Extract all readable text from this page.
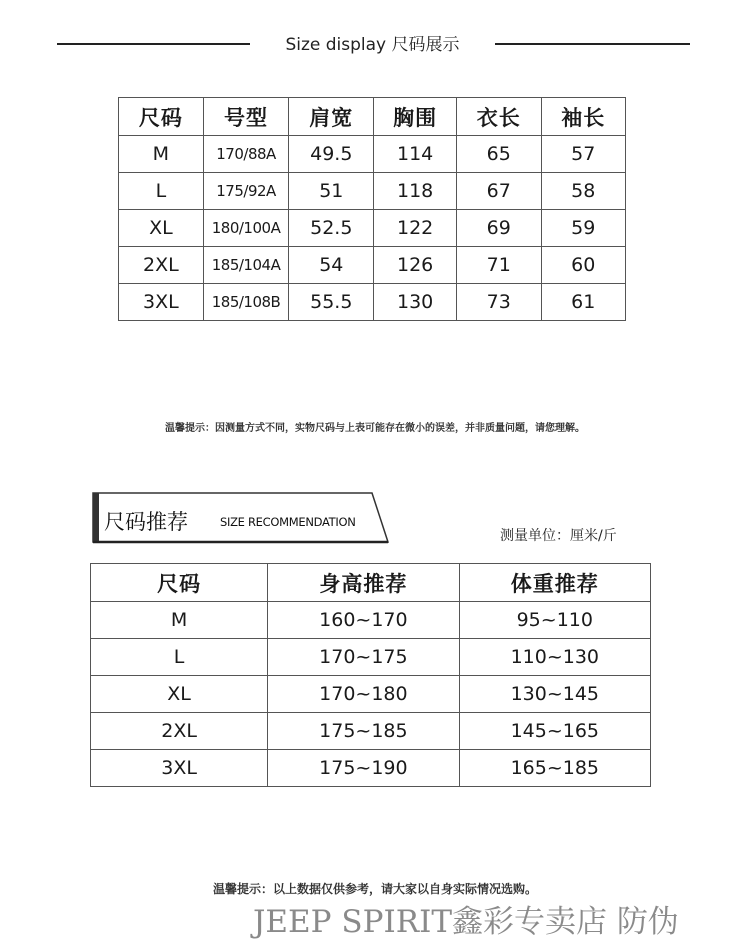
Size display 尺码展示
尺码	号型	肩宽	胸围	衣长	袖长
M	170/88A	49.5	114	65	57
L	175/92A	51	118	67	58
XL	180/100A	52.5	122	69	59
2XL	185/104A	54	126	71	60
3XL	185/108B	55.5	130	73	61
温馨提示：因测量方式不同，实物尺码与上表可能存在微小的误差，并非质量问题，请您理解。
尺码推荐	SIZE RECOMMENDATION
测量单位：厘米/斤
尺码	身高推荐	体重推荐
M	160~170	95~110
L	170~175	110~130
XL	170~180	130~145
2XL	175~185	145~165
3XL	175~190	165~185
温馨提示：以上数据仅供参考，请大家以自身实际情况选购。
JEEP SPIRIT鑫彩专卖店 防伪
